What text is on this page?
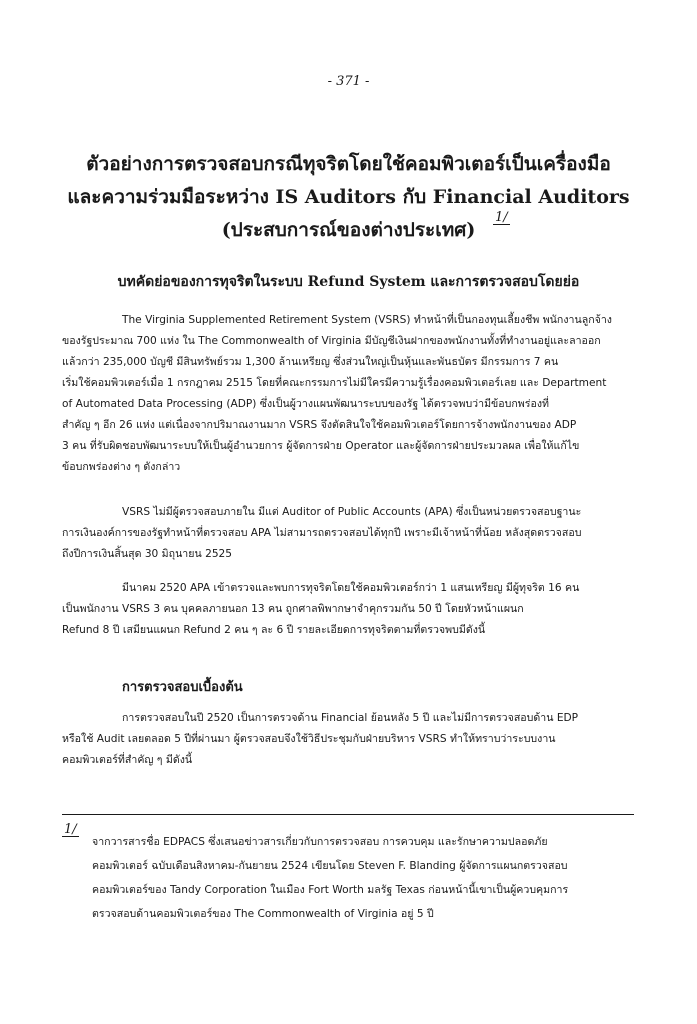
- 371 -
ตัวอย่างการตรวจสอบกรณีทุจริตโดยใช้คอมพิวเตอร์เป็นเครื่องมือ
และความร่วมมือระหว่าง IS Auditors กับ Financial Auditors
(ประสบการณ์ของต่างประเทศ)
1/
บทคัดย่อของการทุจริตในระบบ Refund System และการตรวจสอบโดยย่อ

The Virginia Supplemented Retirement System (VSRS) ทำหน้าที่เป็นกองทุนเลี้ยงชีพ พนักงานลูกจ้าง
ของรัฐประมาณ 700 แห่ง ใน The Commonwealth of Virginia มีบัญชีเงินฝากของพนักงานทั้งที่ทำงานอยู่และลาออก
แล้วกว่า 235,000 บัญชี มีสินทรัพย์รวม 1,300 ล้านเหรียญ ซึ่งส่วนใหญ่เป็นหุ้นและพันธบัตร มีกรรมการ 7 คน
เริ่มใช้คอมพิวเตอร์เมื่อ 1 กรกฎาคม 2515 โดยที่คณะกรรมการไม่มีใครมีความรู้เรื่องคอมพิวเตอร์เลย และ Department
of Automated Data Processing (ADP) ซึ่งเป็นผู้วางแผนพัฒนาระบบของรัฐ ได้ตรวจพบว่ามีข้อบกพร่องที่
สำคัญ ๆ อีก 26 แห่ง แต่เนื่องจากปริมาณงานมาก VSRS จึงตัดสินใจใช้คอมพิวเตอร์โดยการจ้างพนักงานของ ADP
3 คน ที่รับผิดชอบพัฒนาระบบให้เป็นผู้อำนวยการ ผู้จัดการฝ่าย Operator และผู้จัดการฝ่ายประมวลผล เพื่อให้แก้ไข
ข้อบกพร่องต่าง ๆ ดังกล่าว

VSRS ไม่มีผู้ตรวจสอบภายใน มีแต่ Auditor of Public Accounts (APA) ซึ่งเป็นหน่วยตรวจสอบฐานะ
การเงินองค์การของรัฐทำหน้าที่ตรวจสอบ APA ไม่สามารถตรวจสอบได้ทุกปี เพราะมีเจ้าหน้าที่น้อย หลังสุดตรวจสอบ
ถึงปีการเงินสิ้นสุด 30 มิถุนายน 2525

มีนาคม 2520 APA เข้าตรวจและพบการทุจริตโดยใช้คอมพิวเตอร์กว่า 1 แสนเหรียญ มีผู้ทุจริต 16 คน
เป็นพนักงาน VSRS 3 คน บุคคลภายนอก 13 คน ถูกศาลพิพากษาจำคุกรวมกัน 50 ปี โดยหัวหน้าแผนก
Refund 8 ปี เสมียนแผนก Refund 2 คน ๆ ละ 6 ปี รายละเอียดการทุจริตตามที่ตรวจพบมีดังนี้

การตรวจสอบเบื้องต้น

การตรวจสอบในปี 2520 เป็นการตรวจด้าน Financial ย้อนหลัง 5 ปี และไม่มีการตรวจสอบด้าน EDP
หรือใช้ Audit เลยตลอด 5 ปีที่ผ่านมา ผู้ตรวจสอบจึงใช้วิธีประชุมกับฝ่ายบริหาร VSRS ทำให้ทราบว่าระบบงาน
คอมพิวเตอร์ที่สำคัญ ๆ มีดังนี้

1/

จากวารสารชื่อ EDPACS ซึ่งเสนอข่าวสารเกี่ยวกับการตรวจสอบ การควบคุม และรักษาความปลอดภัย
คอมพิวเตอร์ ฉบับเดือนสิงหาคม-กันยายน 2524 เขียนโดย Steven F. Blanding ผู้จัดการแผนกตรวจสอบ
คอมพิวเตอร์ของ Tandy Corporation ในเมือง Fort Worth มลรัฐ Texas ก่อนหน้านี้เขาเป็นผู้ควบคุมการ
ตรวจสอบด้านคอมพิวเตอร์ของ The Commonwealth of Virginia อยู่ 5 ปี
